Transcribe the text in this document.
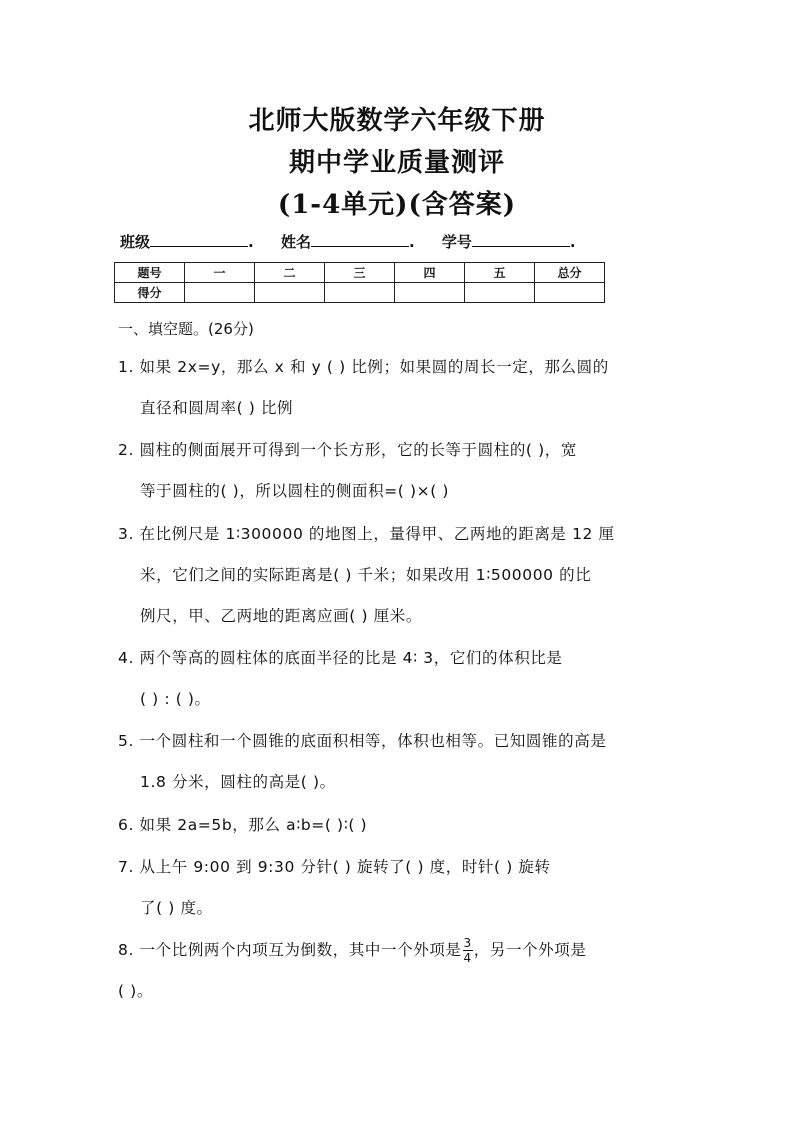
北师大版数学六年级下册
期中学业质量测评
(1-4单元)(含答案)
班级	. 姓名	. 学号	.
题号	一	二	三	四	五	总分
得分						
一、填空题。(26分)
1. 如果 2x=y，那么 x 和 y ( ) 比例；如果圆的周长一定，那么圆的
直径和圆周率( ) 比例
2. 圆柱的侧面展开可得到一个长方形，它的长等于圆柱的( )，宽
等于圆柱的( )，所以圆柱的侧面积=( )×( )
3. 在比例尺是 1∶300000 的地图上，量得甲、乙两地的距离是 12 厘
米，它们之间的实际距离是( ) 千米；如果改用 1∶500000 的比
例尺，甲、乙两地的距离应画( ) 厘米。
4. 两个等高的圆柱体的底面半径的比是 4∶ 3，它们的体积比是
( ) : ( )。
5. 一个圆柱和一个圆锥的底面积相等，体积也相等。已知圆锥的高是
1.8 分米，圆柱的高是( )。
6. 如果 2a=5b，那么 a∶b=( )∶( )
7. 从上午 9:00 到 9:30 分针( ) 旋转了( ) 度，时针( ) 旋转
了( ) 度。
8. 一个比例两个内项互为倒数，其中一个外项是 $\frac{3}{4}$ ，另一个外项是
( )。
